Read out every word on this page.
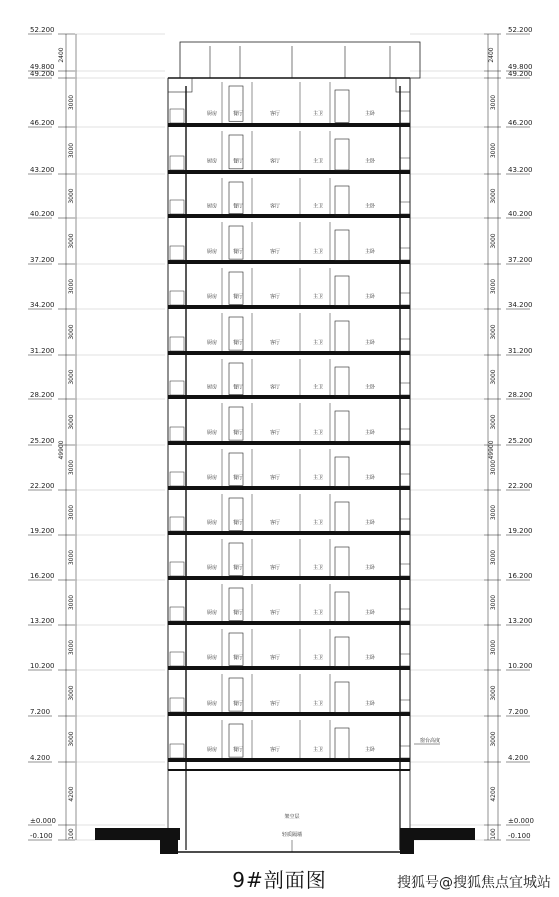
52.200	52.200
49.800	49.800
49.200	49.200
46.200	46.200
43.200	43.200
40.200	40.200
37.200	37.200
34.200	34.200
31.200	31.200
28.200	28.200
25.200	25.200
22.200	22.200
19.200	19.200
16.200	16.200
13.200	13.200
10.200	10.200
7.200	7.200
4.200	4.200
±0.000	±0.000
-0.100	-0.100
2400	2400
3000	3000
3000	3000
3000	3000
3000	3000
3000	3000
3000	3000
3000	3000
3000	3000
3000	3000
3000	3000
3000	3000
3000	3000
3000	3000
3000	3000
3000	3000
4200	4200
100	100
49900	49900
厨房	餐厅	客厅	主卫	主卧
厨房	餐厅	客厅	主卫	主卧
厨房	餐厅	客厅	主卫	主卧
厨房	餐厅	客厅	主卫	主卧
厨房	餐厅	客厅	主卫	主卧
厨房	餐厅	客厅	主卫	主卧
厨房	餐厅	客厅	主卫	主卧
厨房	餐厅	客厅	主卫	主卧
厨房	餐厅	客厅	主卫	主卧
厨房	餐厅	客厅	主卫	主卧
厨房	餐厅	客厅	主卫	主卧
厨房	餐厅	客厅	主卫	主卧
厨房	餐厅	客厅	主卫	主卧
厨房	餐厅	客厅	主卫	主卧
厨房	餐厅	客厅	主卫	主卧
架空层
轻质隔墙
窗台高度
9#剖面图	搜狐号@搜狐焦点宜城站
